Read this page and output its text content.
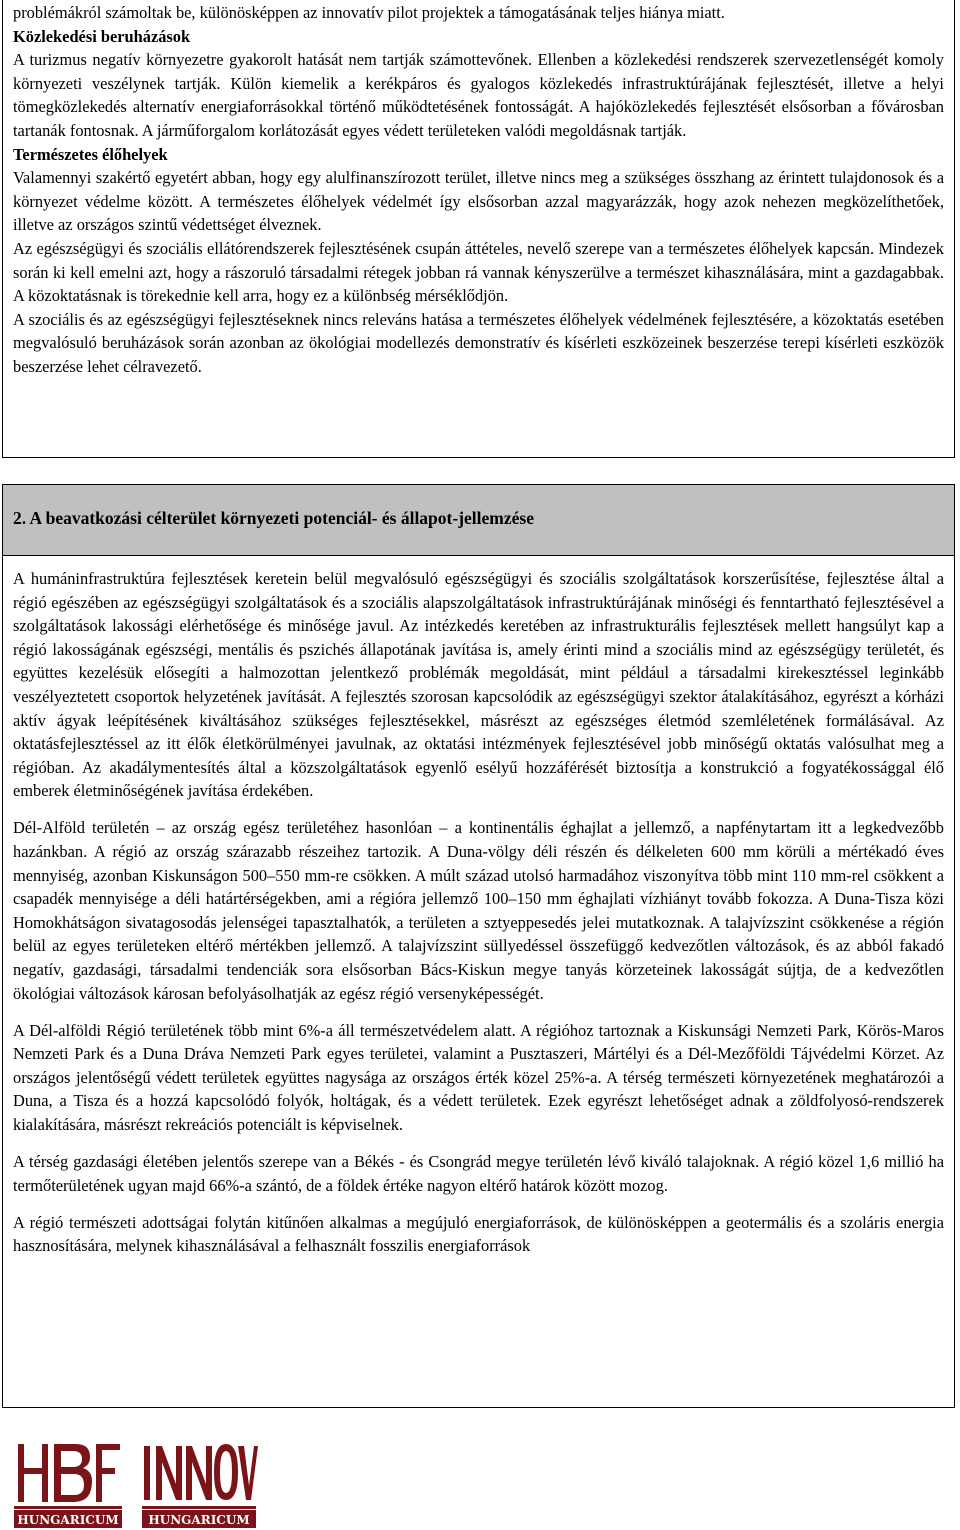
problémákról számoltak be, különösképpen az innovatív pilot projektek a támogatásának teljes hiánya miatt.

Közlekedési beruházások

A turizmus negatív környezetre gyakorolt hatását nem tartják számottevőnek. Ellenben a közlekedési rendszerek szervezetlenségét komoly környezeti veszélynek tartják. Külön kiemelik a kerékpáros és gyalogos közlekedés infrastruktúrájának fejlesztését, illetve a helyi tömegközlekedés alternatív energiaforrásokkal történő működtetésének fontosságát. A hajóközlekedés fejlesztését elsősorban a fővárosban tartanák fontosnak. A járműforgalom korlátozását egyes védett területeken valódi megoldásnak tartják.

Természetes élőhelyek

Valamennyi szakértő egyetért abban, hogy egy alulfinanszírozott terület, illetve nincs meg a szükséges összhang az érintett tulajdonosok és a környezet védelme között. A természetes élőhelyek védelmét így elsősorban azzal magyarázzák, hogy azok nehezen megközelíthetőek, illetve az országos szintű védettséget élveznek.

Az egészségügyi és szociális ellátórendszerek fejlesztésének csupán áttételes, nevelő szerepe van a természetes élőhelyek kapcsán. Mindezek során ki kell emelni azt, hogy a rászoruló társadalmi rétegek jobban rá vannak kényszerülve a természet kihasználására, mint a gazdagabbak. A közoktatásnak is törekednie kell arra, hogy ez a különbség mérséklődjön.

A szociális és az egészségügyi fejlesztéseknek nincs releváns hatása a természetes élőhelyek védelmének fejlesztésére, a közoktatás esetében megvalósuló beruházások során azonban az ökológiai modellezés demonstratív és kísérleti eszközeinek beszerzése terepi kísérleti eszközök beszerzése lehet célravezető.

2. A beavatkozási célterület környezeti potenciál- és állapot-jellemzése

A humáninfrastruktúra fejlesztések keretein belül megvalósuló egészségügyi és szociális szolgáltatások korszerűsítése, fejlesztése által a régió egészében az egészségügyi szolgáltatások és a szociális alapszolgáltatások infrastruktúrájának minőségi és fenntartható fejlesztésével a szolgáltatások lakossági elérhetősége és minősége javul. Az intézkedés keretében az infrastrukturális fejlesztések mellett hangsúlyt kap a régió lakosságának egészségi, mentális és pszichés állapotának javítása is, amely érinti mind a szociális mind az egészségügy területét, és együttes kezelésük elősegíti a halmozottan jelentkező problémák megoldását, mint például a társadalmi kirekesztéssel leginkább veszélyeztetett csoportok helyzetének javítását. A fejlesztés szorosan kapcsolódik az egészségügyi szektor átalakításához, egyrészt a kórházi aktív ágyak leépítésének kiváltásához szükséges fejlesztésekkel, másrészt az egészséges életmód szemléletének formálásával. Az oktatásfejlesztéssel az itt élők életkörülményei javulnak, az oktatási intézmények fejlesztésével jobb minőségű oktatás valósulhat meg a régióban. Az akadálymentesítés által a közszolgáltatások egyenlő esélyű hozzáférését biztosítja a konstrukció a fogyatékossággal élő emberek életminőségének javítása érdekében.

Dél-Alföld területén – az ország egész területéhez hasonlóan – a kontinentális éghajlat a jellemző, a napfénytartam itt a legkedvezőbb hazánkban. A régió az ország szárazabb részeihez tartozik. A Duna-völgy déli részén és délkeleten 600 mm körüli a mértékadó éves mennyiség, azonban Kiskunságon 500–550 mm-re csökken. A múlt század utolsó harmadához viszonyítva több mint 110 mm-rel csökkent a csapadék mennyisége a déli határtérségekben, ami a régióra jellemző 100–150 mm éghajlati vízhiányt tovább fokozza. A Duna-Tisza közi Homokhátságon sivatagosodás jelenségei tapasztalhatók, a területen a sztyeppesedés jelei mutatkoznak. A talajvízszint csökkenése a régión belül az egyes területeken eltérő mértékben jellemző. A talajvízszint süllyedéssel összefüggő kedvezőtlen változások, és az abból fakadó negatív, gazdasági, társadalmi tendenciák sora elsősorban Bács-Kiskun megye tanyás körzeteinek lakosságát sújtja, de a kedvezőtlen ökológiai változások károsan befolyásolhatják az egész régió versenyképességét.

A Dél-alföldi Régió területének több mint 6%-a áll természetvédelem alatt. A régióhoz tartoznak a Kiskunsági Nemzeti Park, Körös-Maros Nemzeti Park és a Duna Dráva Nemzeti Park egyes területei, valamint a Pusztaszeri, Mártélyi és a Dél-Mezőföldi Tájvédelmi Körzet. Az országos jelentőségű védett területek együttes nagysága az országos érték közel 25%-a. A térség természeti környezetének meghatározói a Duna, a Tisza és a hozzá kapcsolódó folyók, holtágak, és a védett területek. Ezek egyrészt lehetőséget adnak a zöldfolyosó-rendszerek kialakítására, másrészt rekreációs potenciált is képviselnek.

A térség gazdasági életében jelentős szerepe van a Békés - és Csongrád megye területén lévő kiváló talajoknak. A régió közel 1,6 millió ha termőterületének ugyan majd 66%-a szántó, de a földek értéke nagyon eltérő határok között mozog.

A régió természeti adottságai folytán kitűnően alkalmas a megújuló energiaforrások, de különösképpen a geotermális és a szoláris energia hasznosítására, melynek kihasználásával a felhasznált fosszilis energiaforrások

HUNGARICUM HUNGARICUM
